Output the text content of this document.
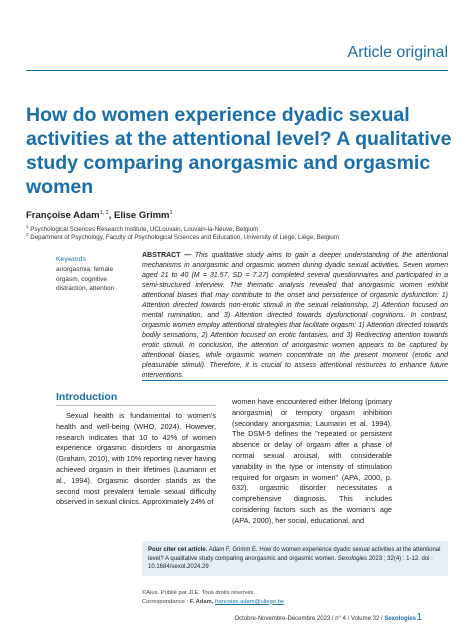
Article original
How do women experience dyadic sexual activities at the attentional level? A qualitative study comparing anorgasmic and orgasmic women
Françoise Adam$^{1, 2}$, Elise Grimm$^1$
$^1$ Psychological Sciences Research Institute, UCLouvain, Louvain-la-Neuve, Belgium
$^2$ Department of Psychology, Faculty of Psychological Sciences and Education, University of Liège, Liège, Belgium
Keywords
anorgasmia, female orgasm, cognitive distraction, attention
ABSTRACT — This qualitative study aims to gain a deeper understanding of the attentional mechanisms in anorgasmic and orgasmic women during dyadic sexual activities. Seven women aged 21 to 40 (M = 31.57, SD = 7.27) completed several questionnaires and participated in a semi-structured interview. The thematic analysis revealed that anorgasmic women exhibit attentional biases that may contribute to the onset and persistence of orgasmic dysfunction: 1) Attention directed towards non-erotic stimuli in the sexual relationship, 2) Attention focused on mental rumination, and 3) Attention directed towards dysfunctional cognitions. In contrast, orgasmic women employ attentional strategies that facilitate orgasm: 1) Attention directed towards bodily sensations, 2) Attention focused on erotic fantasies, and 3) Redirecting attention towards erotic stimuli. In conclusion, the attention of anorgasmic women appears to be captured by attentional biases, while orgasmic women concentrate on the present moment (erotic and pleasurable stimuli). Therefore, it is crucial to assess attentional resources to enhance future interventions.
Introduction

Sexual health is fundamental to women's health and well-being (WHO, 2024). However, research indicates that 10 to 42% of women experience orgasmic disorders or anorgasmia (Graham, 2010), with 10% reporting never having achieved orgasm in their lifetimes (Laumann et al., 1994). Orgasmic disorder stands as the second most prevalent female sexual difficulty observed in sexual clinics. Approximately 24% of

women have encountered either lifelong (primary anorgasmia) or tempory orgasm inhibition (secondary anorgasmia; Laumann et al. 1994). The DSM-5 defines the "repeated or persistent absence or delay of orgasm after a phase of normal sexual arousal, with considerable variability in the type or intensity of stimulation required for orgasm in women" (APA, 2000, p. 632). orgasmic disorder necessitates a comprehensive diagnosis. This includes considering factors such as the woman's age (APA, 2000), her social, educational, and
Pour citer cet article. Adam F, Grimm E. How do women experience dyadic sexual activities at the attentional level? A qualitative study comparing anorgasmic and orgasmic women. Sexologies 2023 ; 32(4) : 1-12. doi : 10.1684/sexol.2024.29
©Aius. Publié par JLE. Tous droits réservés.
Correspondance : F. Adam, francoise.adam@uliege.be
Octobre-Novembre-Décembre 2023 / n° 4 / Volume 32 / Sexologies 1
